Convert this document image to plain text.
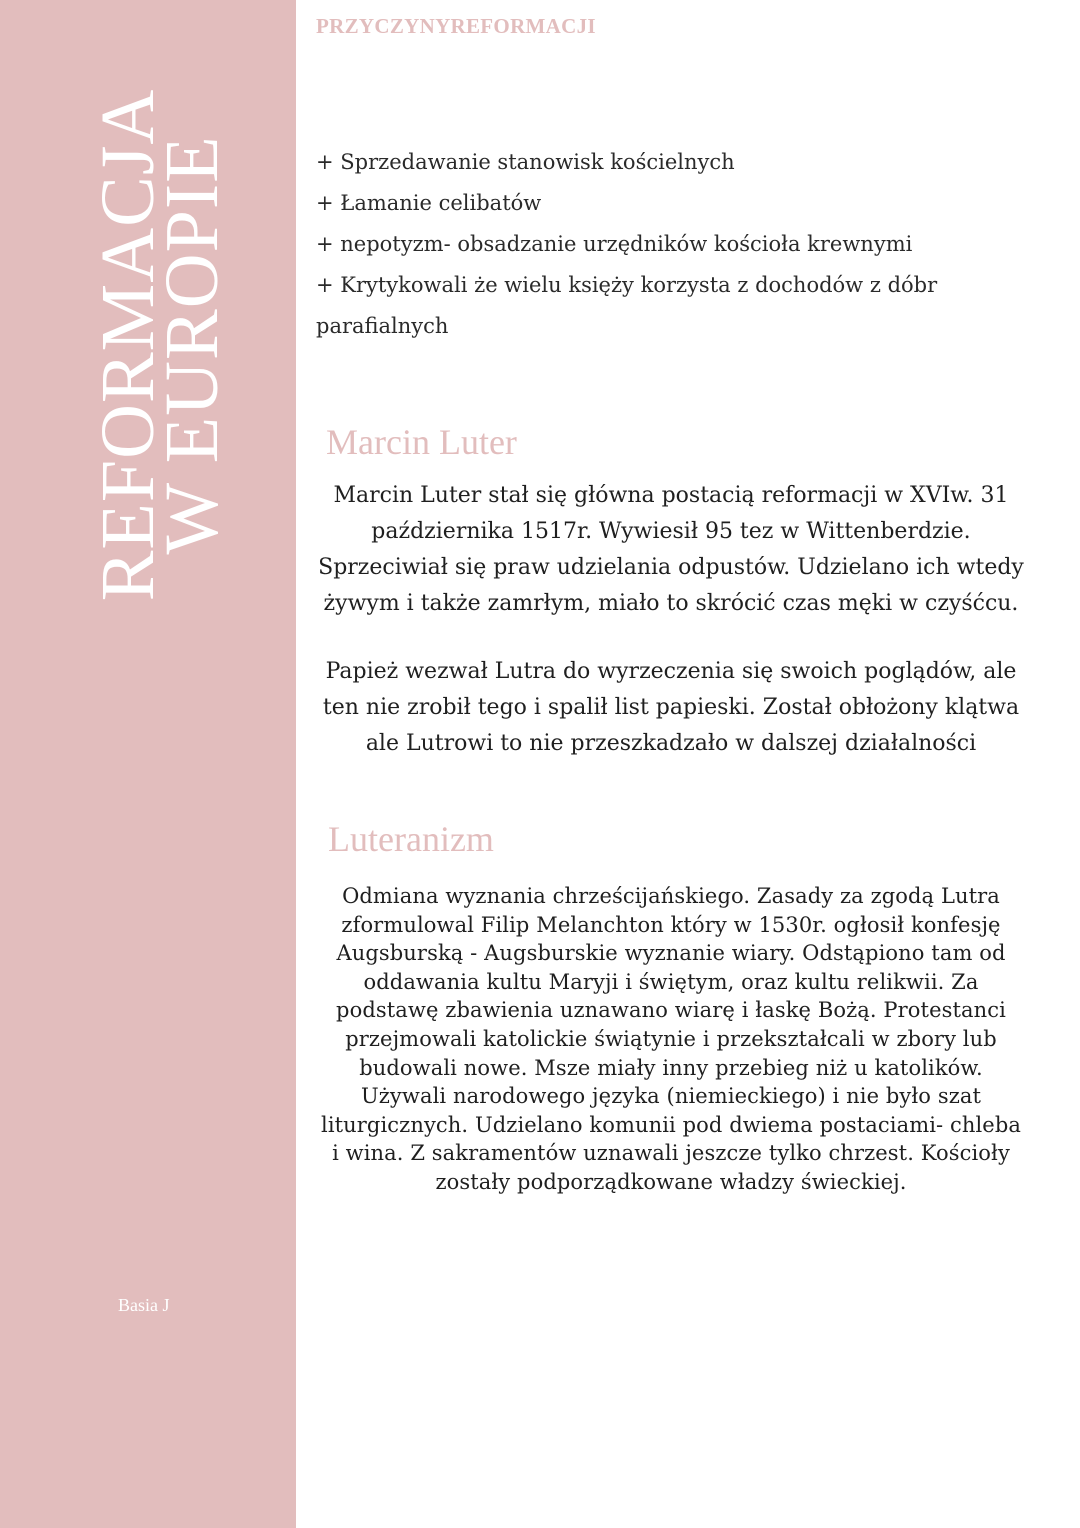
REFORMACJA
W EUROPIE
Basia J
PRZYCZYNYREFORMACJI
+ Sprzedawanie stanowisk kościelnych
+ Łamanie celibatów
+ nepotyzm- obsadzanie urzędników kościoła krewnymi
+ Krytykowali że wielu księży korzysta z dochodów z dóbr
parafialnych
Marcin Luter

Marcin Luter stał się główna postacią reformacji w XVIw. 31 października 1517r. Wywiesił 95 tez w Wittenberdzie. Sprzeciwiał się praw udzielania odpustów. Udzielano ich wtedy żywym i także zamrłym, miało to skrócić czas męki w czyśćcu.

Papież wezwał Lutra do wyrzeczenia się swoich poglądów, ale ten nie zrobił tego i spalił list papieski. Został obłożony klątwa ale Lutrowi to nie przeszkadzało w dalszej działalności

Luteranizm

Odmiana wyznania chrześcijańskiego. Zasady za zgodą Lutra zformulowal Filip Melanchton który w 1530r. ogłosił konfesję Augsburską - Augsburskie wyznanie wiary. Odstąpiono tam od oddawania kultu Maryji i świętym, oraz kultu relikwii. Za podstawę zbawienia uznawano wiarę i łaskę Bożą. Protestanci przejmowali katolickie świątynie i przekształcali w zbory lub budowali nowe. Msze miały inny przebieg niż u katolików. Używali narodowego języka (niemieckiego) i nie było szat liturgicznych. Udzielano komunii pod dwiema postaciami- chleba i wina. Z sakramentów uznawali jeszcze tylko chrzest. Kościoły zostały podporządkowane władzy świeckiej.
